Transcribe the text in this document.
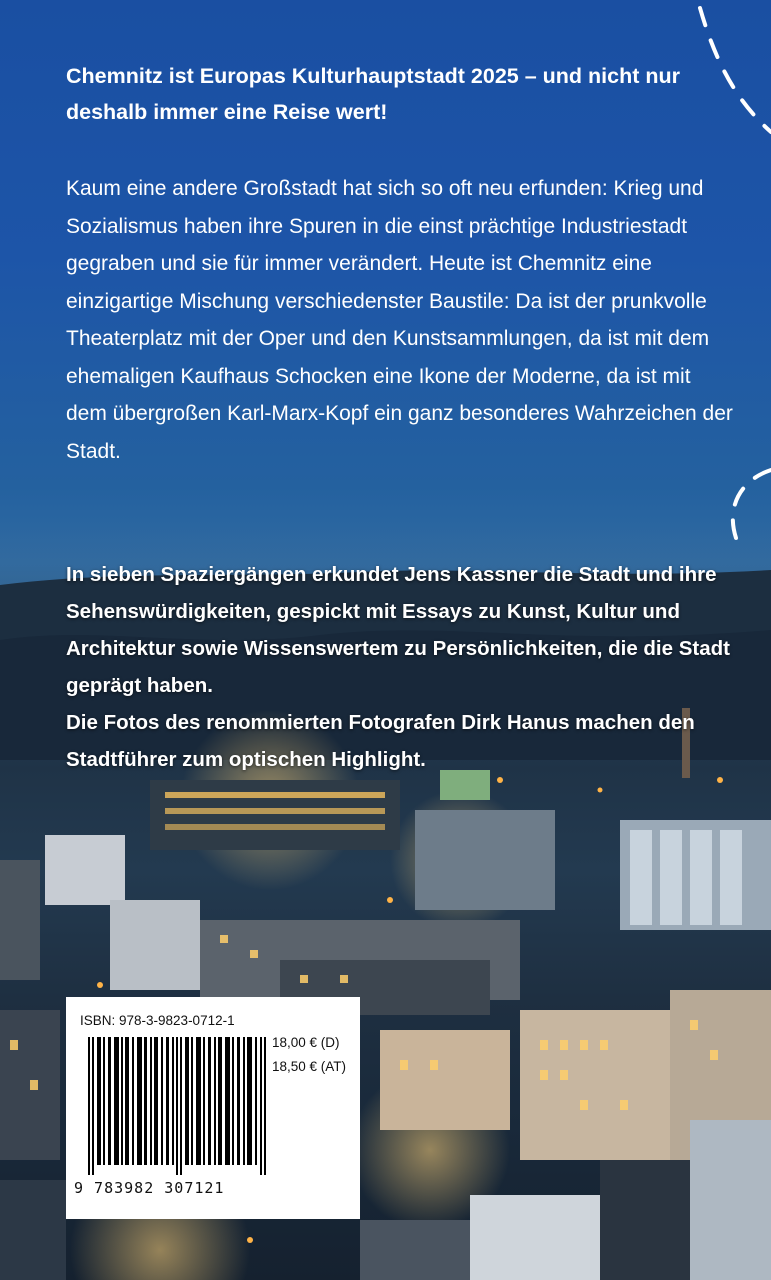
Chemnitz ist Europas Kulturhauptstadt 2025 – und nicht nur deshalb immer eine Reise wert!

Kaum eine andere Großstadt hat sich so oft neu erfunden: Krieg und Sozialismus haben ihre Spuren in die einst prächtige Industriestadt gegraben und sie für immer verändert. Heute ist Chemnitz eine einzigartige Mischung verschiedenster Baustile: Da ist der prunkvolle Theaterplatz mit der Oper und den Kunstsammlungen, da ist mit dem ehemaligen Kaufhaus Schocken eine Ikone der Moderne, da ist mit dem übergroßen Karl-Marx-Kopf ein ganz besonderes Wahrzeichen der Stadt.

In sieben Spaziergängen erkundet Jens Kassner die Stadt und ihre Sehenswürdigkeiten, gespickt mit Essays zu Kunst, Kultur und Architektur sowie Wissenswertem zu Persönlichkeiten, die die Stadt geprägt haben.
Die Fotos des renommierten Fotografen Dirk Hanus machen den Stadtführer zum optischen Highlight.
ISBN: 978-3-9823-0712-1
18,00 € (D)
18,50 € (AT)
9 783982 307121
